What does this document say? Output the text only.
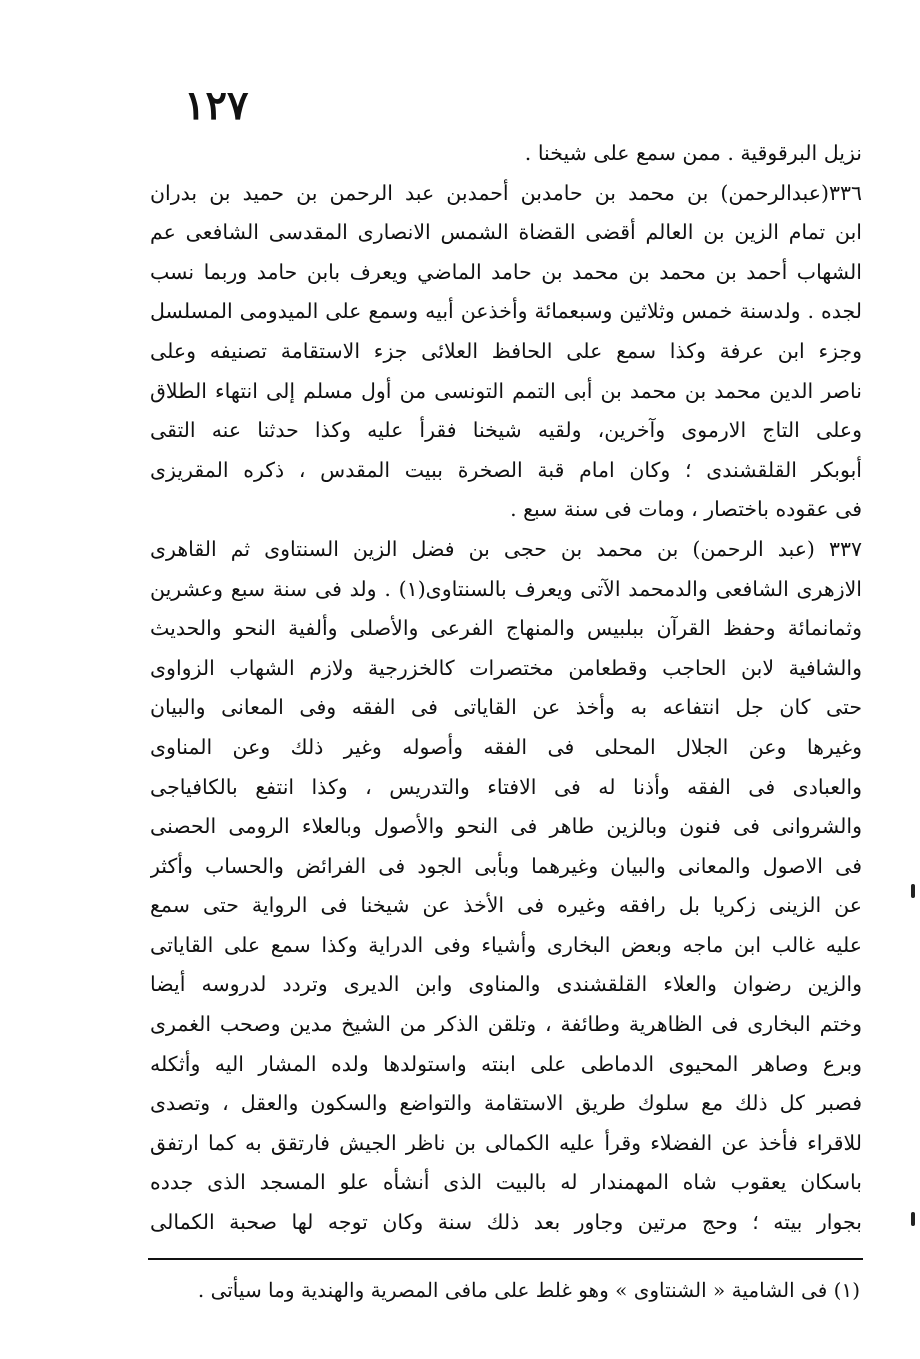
١٢٧
نزيل البرقوقية . ممن سمع على شيخنا .
٣٣٦(عبدالرحمن) بن محمد بن حامدبن أحمدبن عبد الرحمن بن حميد بن بدران
ابن تمام الزين بن العالم أقضى القضاة الشمس الانصارى المقدسى الشافعى عم
الشهاب أحمد بن محمد بن محمد بن حامد الماضي ويعرف بابن حامد وربما نسب
لجده . ولدسنة خمس وثلاثين وسبعمائة وأخذعن أبيه وسمع على الميدومى المسلسل
وجزء ابن عرفة وكذا سمع على الحافظ العلائى جزء الاستقامة تصنيفه وعلى
ناصر الدين محمد بن محمد بن أبى التمم التونسى من أول مسلم إلى انتهاء الطلاق
وعلى التاج الارموى وآخرين، ولقيه شيخنا فقرأ عليه وكذا حدثنا عنه التقى
أبوبكر القلقشندى ؛ وكان امام قبة الصخرة ببيت المقدس ، ذكره المقريزى
فى عقوده باختصار ، ومات فى سنة سبع .
٣٣٧ (عبد الرحمن) بن محمد بن حجى بن فضل الزين السنتاوى ثم القاهرى
الازهرى الشافعى والدمحمد الآتى ويعرف بالسنتاوى(١) . ولد فى سنة سبع وعشرين
وثمانمائة وحفظ القرآن ببلبيس والمنهاج الفرعى والأصلى وألفية النحو والحديث
والشافية لابن الحاجب وقطعامن مختصرات كالخزرجية ولازم الشهاب الزواوى
حتى كان جل انتفاعه به وأخذ عن القاياتى فى الفقه وفى المعانى والبيان
وغيرها وعن الجلال المحلى فى الفقه وأصوله وغير ذلك وعن المناوى
والعبادى فى الفقه وأذنا له فى الافتاء والتدريس ، وكذا انتفع بالكافياجى
والشروانى فى فنون وبالزين طاهر فى النحو والأصول وبالعلاء الرومى الحصنى
فى الاصول والمعانى والبيان وغيرهما وبأبى الجود فى الفرائض والحساب وأكثر
عن الزينى زكريا بل رافقه وغيره فى الأخذ عن شيخنا فى الرواية حتى سمع
عليه غالب ابن ماجه وبعض البخارى وأشياء وفى الدراية وكذا سمع على القاياتى
والزين رضوان والعلاء القلقشندى والمناوى وابن الديرى وتردد لدروسه أيضا
وختم البخارى فى الظاهرية وطائفة ، وتلقن الذكر من الشيخ مدين وصحب الغمرى
وبرع وصاهر المحيوى الدماطى على ابنته واستولدها ولده المشار اليه وأثكله
فصبر كل ذلك مع سلوك طريق الاستقامة والتواضع والسكون والعقل ، وتصدى
للاقراء فأخذ عن الفضلاء وقرأ عليه الكمالى بن ناظر الجيش فارتقق به كما ارتفق
باسكان يعقوب شاه المهمندار له بالبيت الذى أنشأه علو المسجد الذى جدده
بجوار بيته ؛ وحج مرتين وجاور بعد ذلك سنة وكان توجه لها صحبة الكمالى
(١) فى الشامية « الشنتاوى » وهو غلط على مافى المصرية والهندية وما سيأتى .
